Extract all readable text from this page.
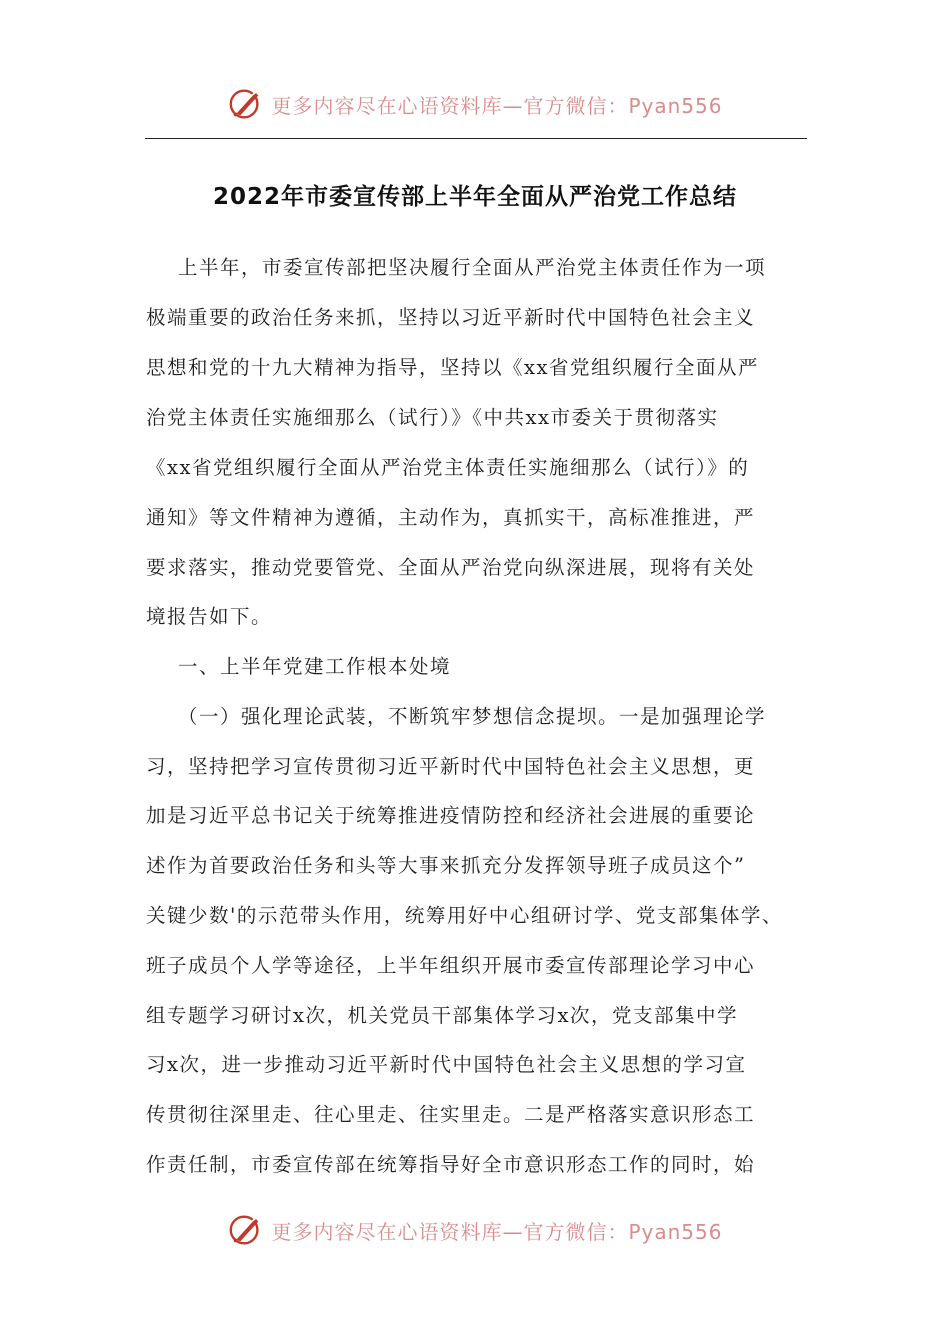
更多内容尽在心语资料库—官方微信：Pyan556
2022年市委宣传部上半年全面从严治党工作总结
上半年，市委宣传部把坚决履行全面从严治党主体责任作为一项
极端重要的政治任务来抓，坚持以习近平新时代中国特色社会主义
思想和党的十九大精神为指导，坚持以《xx省党组织履行全面从严
治党主体责任实施细那么（试行）》《中共xx市委关于贯彻落实
《xx省党组织履行全面从严治党主体责任实施细那么（试行）》的
通知》等文件精神为遵循，主动作为，真抓实干，高标准推进，严
要求落实，推动党要管党、全面从严治党向纵深进展，现将有关处
境报告如下。
一、上半年党建工作根本处境
（一）强化理论武装，不断筑牢梦想信念提坝。一是加强理论学
习，坚持把学习宣传贯彻习近平新时代中国特色社会主义思想，更
加是习近平总书记关于统筹推进疫情防控和经济社会进展的重要论
述作为首要政治任务和头等大事来抓充分发挥领导班子成员这个”
关键少数'的示范带头作用，统筹用好中心组研讨学、党支部集体学、
班子成员个人学等途径，上半年组织开展市委宣传部理论学习中心
组专题学习研讨x次，机关党员干部集体学习x次，党支部集中学
习x次，进一步推动习近平新时代中国特色社会主义思想的学习宣
传贯彻往深里走、往心里走、往实里走。二是严格落实意识形态工
作责任制，市委宣传部在统筹指导好全市意识形态工作的同时，始
更多内容尽在心语资料库—官方微信：Pyan556
